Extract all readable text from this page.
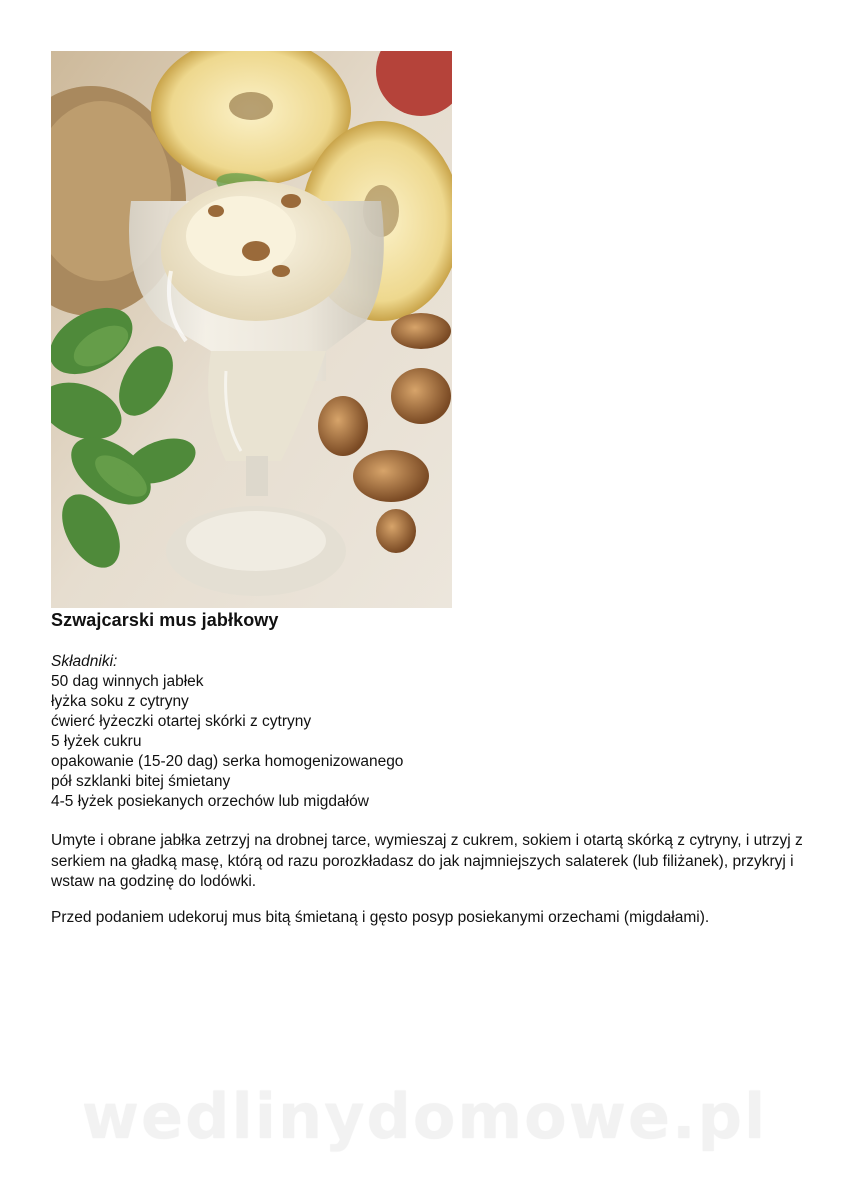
Szwajcarski mus jabłkowy
Składniki:
50 dag winnych jabłek
łyżka soku z cytryny
ćwierć łyżeczki otartej skórki z cytryny
5 łyżek cukru
opakowanie (15-20 dag) serka homogenizowanego
pół szklanki bitej śmietany
4-5 łyżek posiekanych orzechów lub migdałów

Umyte i obrane jabłka zetrzyj na drobnej tarce, wymieszaj z cukrem, sokiem i otartą skórką z cytryny, i utrzyj z serkiem na gładką masę, którą od razu porozkładasz do jak najmniejszych salaterek (lub filiżanek), przykryj i wstaw na godzinę do lodówki.

Przed podaniem udekoruj mus bitą śmietaną i gęsto posyp posiekanymi orzechami (migdałami).

wedlinydomowe.pl
